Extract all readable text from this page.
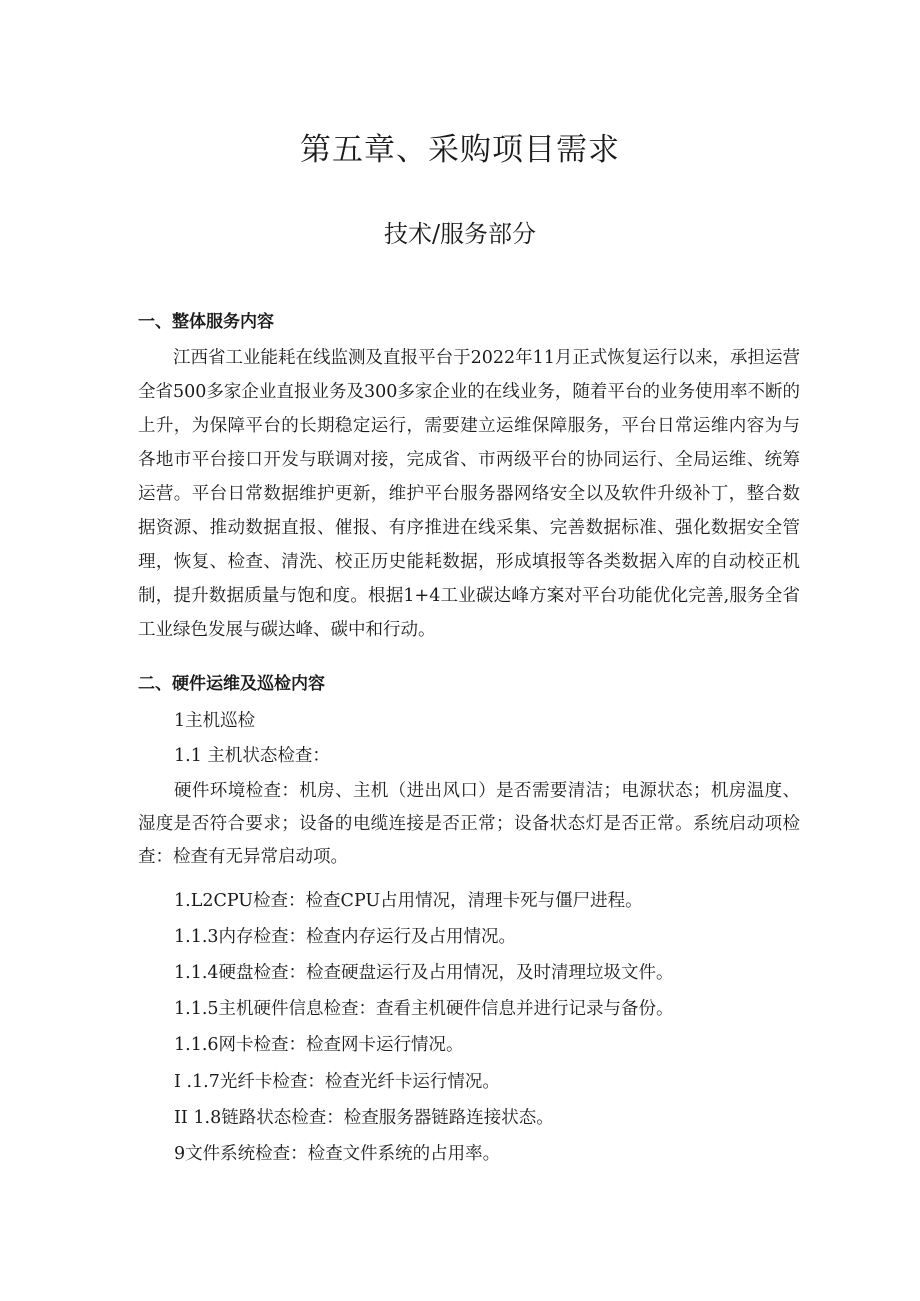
第五章、采购项目需求
技术/服务部分
一、整体服务内容

江西省工业能耗在线监测及直报平台于2022年11月正式恢复运行以来，承担运营全省500多家企业直报业务及300多家企业的在线业务，随着平台的业务使用率不断的上升，为保障平台的长期稳定运行，需要建立运维保障服务，平台日常运维内容为与各地市平台接口开发与联调对接，完成省、市两级平台的协同运行、全局运维、统筹运营。平台日常数据维护更新，维护平台服务器网络安全以及软件升级补丁，整合数据资源、推动数据直报、催报、有序推进在线采集、完善数据标准、强化数据安全管理，恢复、检查、清洗、校正历史能耗数据，形成填报等各类数据入库的自动校正机制，提升数据质量与饱和度。根据1+4工业碳达峰方案对平台功能优化完善,服务全省工业绿色发展与碳达峰、碳中和行动。

二、硬件运维及巡检内容

1主机巡检

1.1 主机状态检查：

硬件环境检查：机房、主机（进出风口）是否需要清洁；电源状态；机房温度、湿度是否符合要求；设备的电缆连接是否正常；设备状态灯是否正常。系统启动项检查：检查有无异常启动项。

1.L2CPU检查：检查CPU占用情况，清理卡死与僵尸进程。

1.1.3内存检查：检查内存运行及占用情况。

1.1.4硬盘检查：检查硬盘运行及占用情况，及时清理垃圾文件。

1.1.5主机硬件信息检查：查看主机硬件信息并进行记录与备份。

1.1.6网卡检查：检查网卡运行情况。

I .1.7光纤卡检查：检查光纤卡运行情况。

II 1.8链路状态检查：检查服务器链路连接状态。

9文件系统检查：检查文件系统的占用率。
